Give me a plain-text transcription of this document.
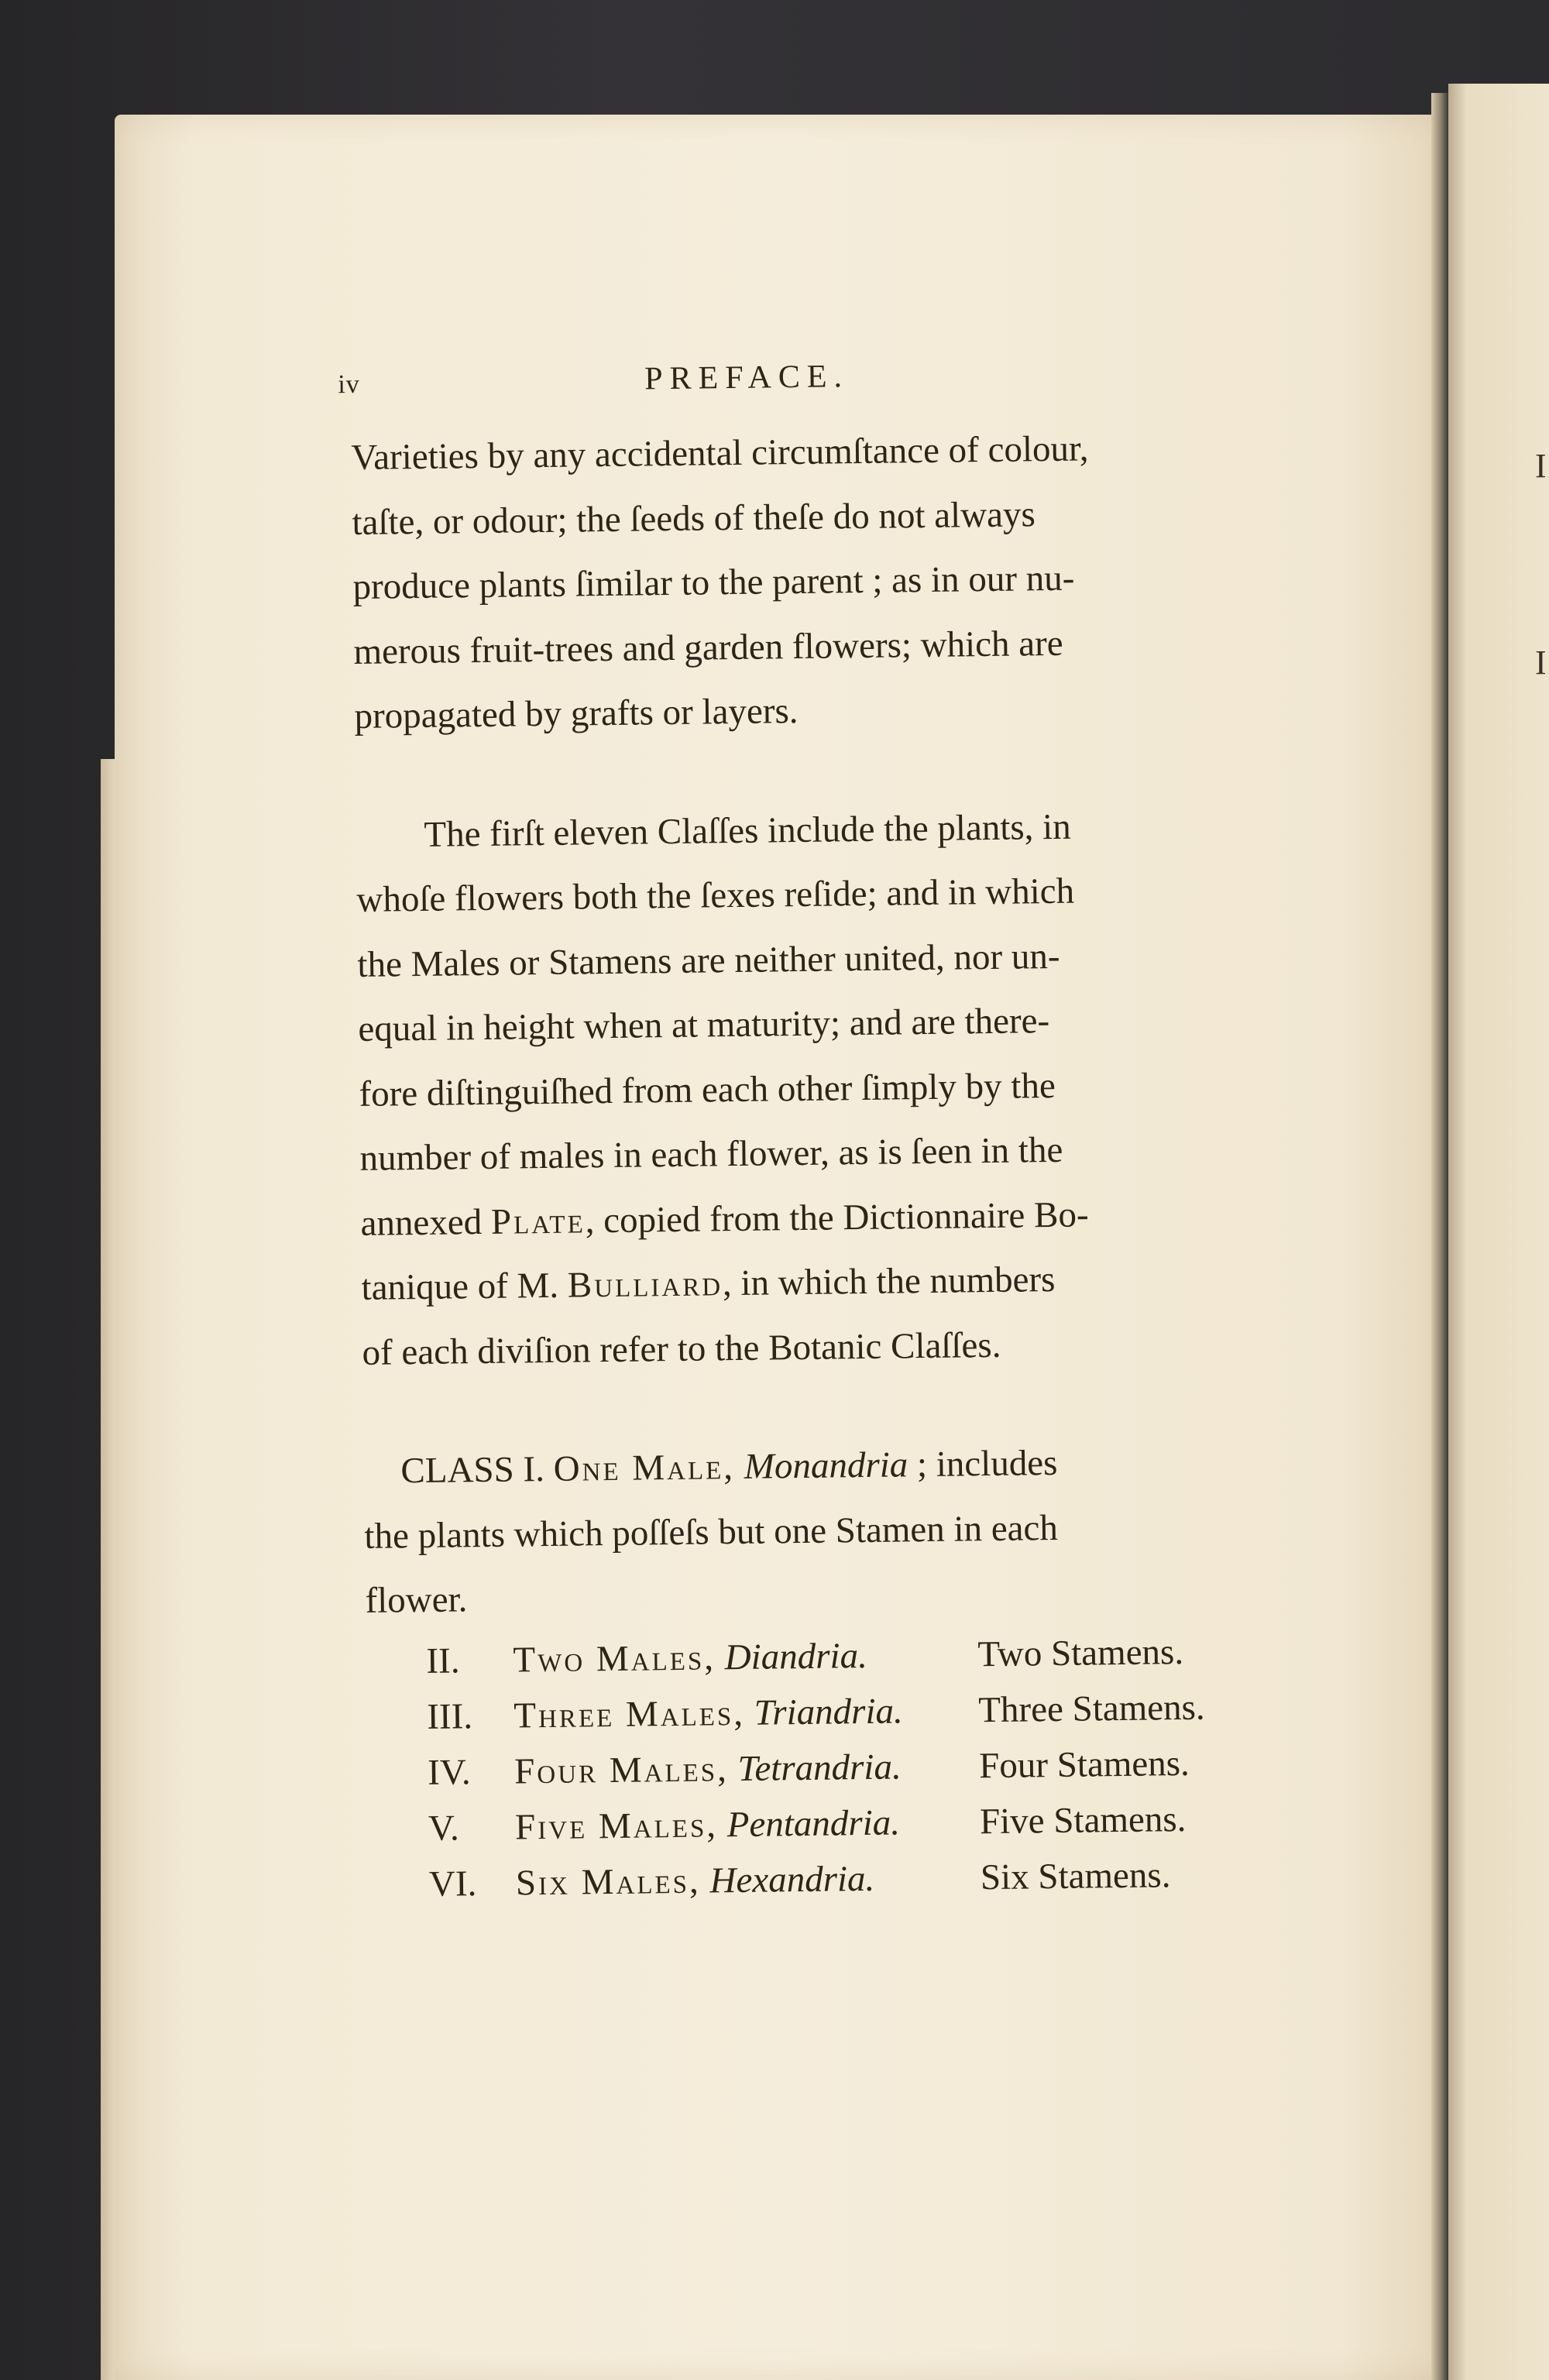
I
I
iv	PREFACE.

Varieties by any accidental circumſtance of colour,
taſte, or odour; the ſeeds of theſe do not always
produce plants ſimilar to the parent ; as in our nu-
merous fruit-trees and garden flowers; which are
propagated by grafts or layers.

The firſt eleven Claſſes include the plants, in
whoſe flowers both the ſexes reſide; and in which
the Males or Stamens are neither united, nor un-
equal in height when at maturity; and are there-
fore diſtinguiſhed from each other ſimply by the
number of males in each flower, as is ſeen in the
annexed Plate, copied from the Dictionnaire Bo-
tanique of M. Bulliard, in which the numbers
of each diviſion refer to the Botanic Claſſes.

CLASS I. One Male, Monandria ; includes
the plants which poſſeſs but one Stamen in each
flower.

II.	Two Males, Diandria.	Two Stamens.
III.	Three Males, Triandria.	Three Stamens.
IV.	Four Males, Tetrandria.	Four Stamens.
V.	Five Males, Pentandria.	Five Stamens.
VI.	Six Males, Hexandria.	Six Stamens.
